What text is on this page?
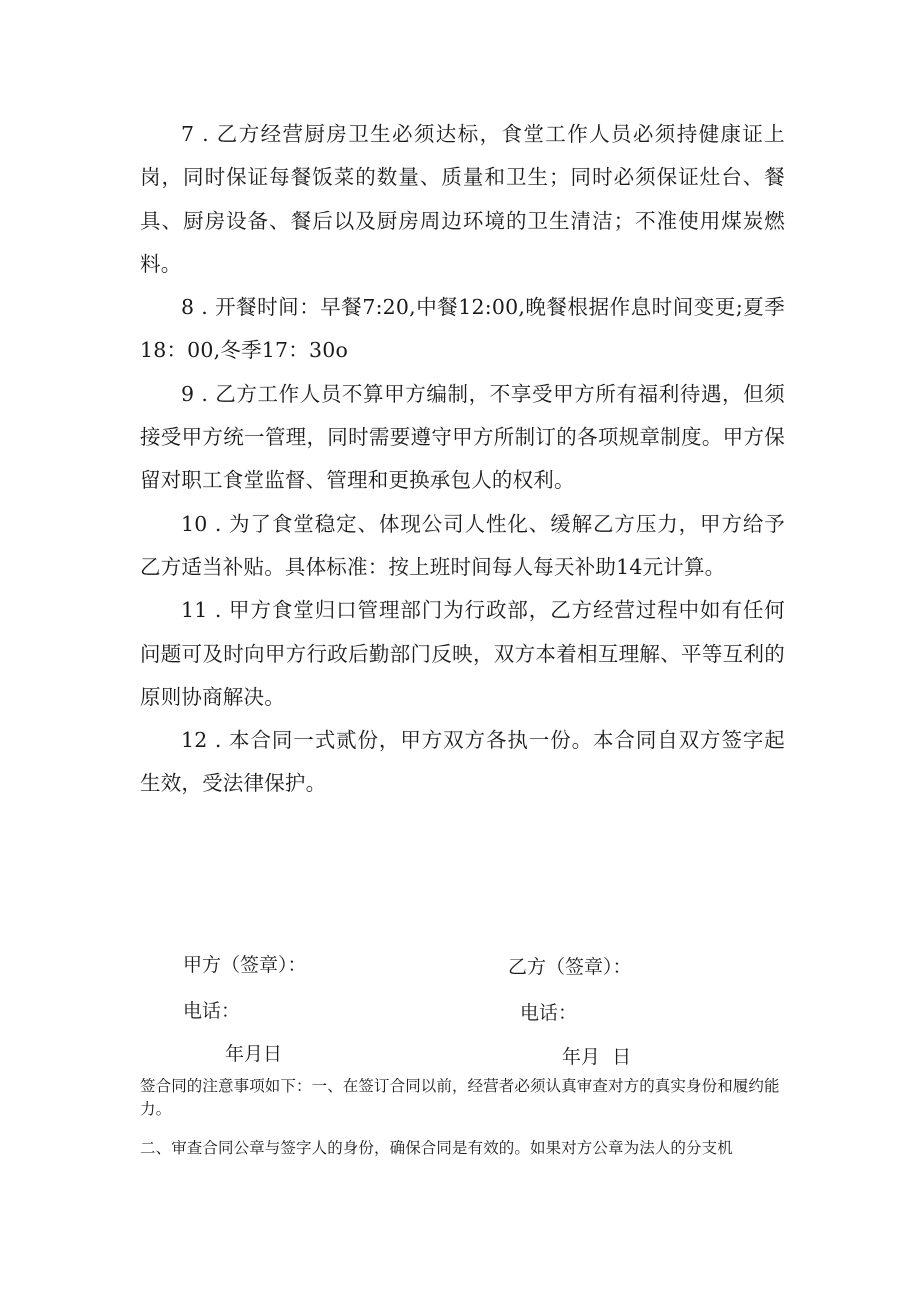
7 . 乙方经营厨房卫生必须达标，食堂工作人员必须持健康证上岗，同时保证每餐饭菜的数量、质量和卫生；同时必须保证灶台、餐具、厨房设备、餐后以及厨房周边环境的卫生清洁；不准使用煤炭燃料。

8 . 开餐时间：早餐7:20,中餐12:00,晚餐根据作息时间变更;夏季18：00,冬季17：30o

9 . 乙方工作人员不算甲方编制，不享受甲方所有福利待遇，但须接受甲方统一管理，同时需要遵守甲方所制订的各项规章制度。甲方保留对职工食堂监督、管理和更换承包人的权利。

10 . 为了食堂稳定、体现公司人性化、缓解乙方压力，甲方给予乙方适当补贴。具体标准：按上班时间每人每天补助14元计算。

11 . 甲方食堂归口管理部门为行政部，乙方经营过程中如有任何问题可及时向甲方行政后勤部门反映，双方本着相互理解、平等互利的原则协商解决。

12 . 本合同一式贰份，甲方双方各执一份。本合同自双方签字起生效，受法律保护。

甲方（签章）：	乙方（签章）：
电话：	电话：
年月日	年月  日

签合同的注意事项如下：一、在签订合同以前，经营者必须认真审查对方的真实身份和履约能力。

二、审查合同公章与签字人的身份，确保合同是有效的。如果对方公章为法人的分支机
